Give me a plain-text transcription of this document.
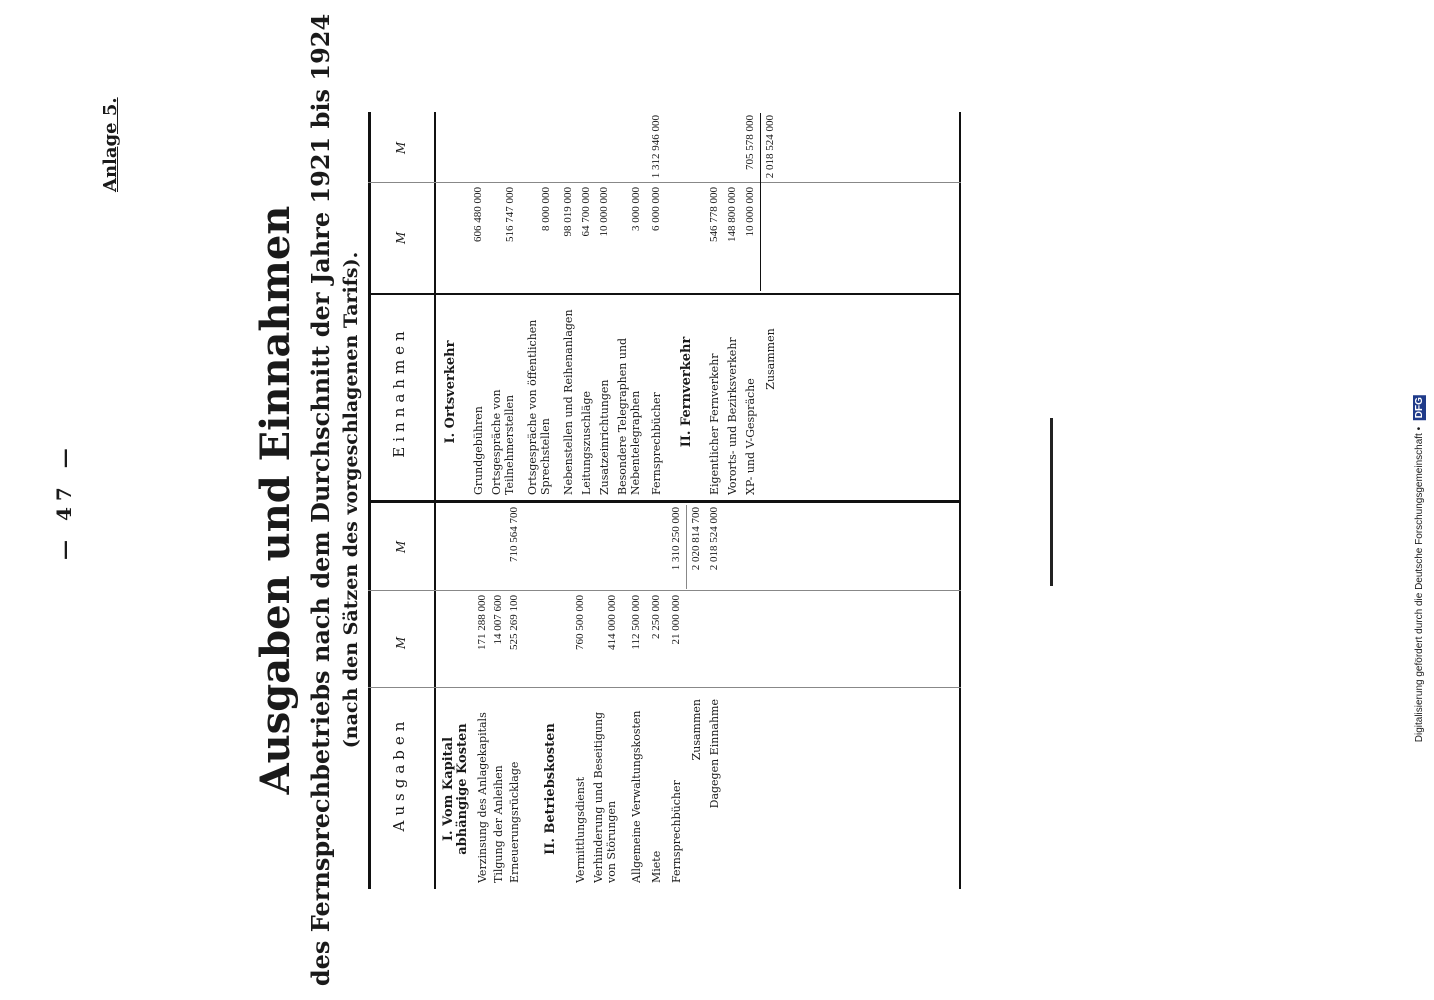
— 47 —
Anlage 5.
Ausgaben und Einnahmen des Fernsprechbetriebs nach dem Durchschnitt der Jahre 1921 bis 1924 (nach den Sätzen des vorgeschlagenen Tarifs).
Ausgaben
M
M
Einnahmen
M
M
I. Vom Kapital abhängige Kosten Verzinsung des Anlagekapitals
171 288 000
Tilgung der Anleihen
14 007 600
Erneuerungsrücklage
525 269 100
710 564 700
II. Betriebskosten Vermittlungsdienst
760 500 000
Verhinderung und Beseitigung von Störungen
414 000 000
Allgemeine Verwaltungskosten
112 500 000
Miete
2 250 000
Fernsprechbücher
21 000 000
1 310 250 000
Zusammen
2 020 814 700
Dagegen Einnahme
2 018 524 000
I. Ortsverkehr
Grundgebühren
606 480 000
Ortsgespräche von Teilnehmerstellen
516 747 000
Ortsgespräche von öffentlichen Sprechstellen
8 000 000
Nebenstellen und Reihenanlagen
98 019 000
Leitungszuschläge
64 700 000
Zusatzeinrichtungen
10 000 000
Besondere Telegraphen und Nebentelegraphen
3 000 000
Fernsprechbücher
6 000 000
1 312 946 000
II. Fernverkehr Eigentlicher Fernverkehr
546 778 000
Vororts- und Bezirksverkehr
148 800 000
XP- und V-Gespräche
10 000 000
705 578 000
Zusammen
2 018 524 000
Digitalisierung gefördert durch die Deutsche Forschungsgemeinschaft • DFG
